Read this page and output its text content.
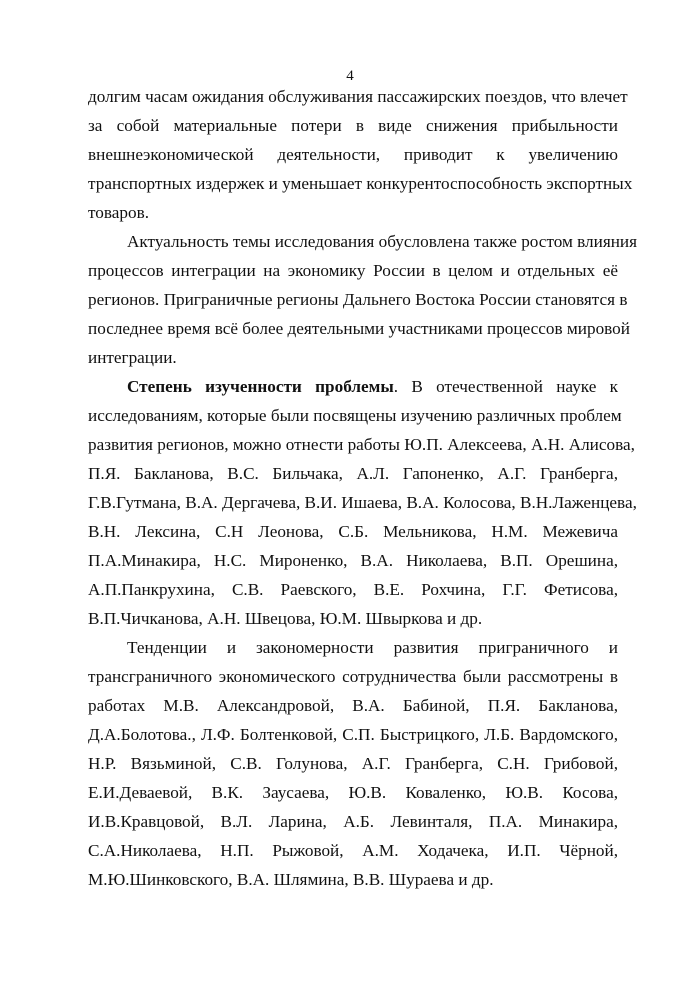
4
долгим часам ожидания обслуживания пассажирских поездов, что влечет
за собой материальные потери в виде снижения прибыльности
внешнеэкономической деятельности, приводит к увеличению
транспортных издержек и уменьшает конкурентоспособность экспортных
товаров.
Актуальность темы исследования обусловлена также ростом влияния
процессов интеграции на экономику России в целом и отдельных её
регионов. Приграничные регионы Дальнего Востока России становятся в
последнее время всё более деятельными участниками процессов мировой
интеграции.
Степень изученности проблемы. В отечественной науке к
исследованиям, которые были посвящены изучению различных проблем
развития регионов, можно отнести работы Ю.П. Алексеева, А.Н. Алисова,
П.Я. Бакланова, В.С. Бильчака, А.Л. Гапоненко, А.Г. Гранберга,
Г.В.Гутмана, В.А. Дергачева, В.И. Ишаева, В.А. Колосова, В.Н.Лаженцева,
В.Н. Лексина, С.Н Леонова, С.Б. Мельникова, Н.М. Межевича
П.А.Минакира, Н.С. Мироненко, В.А. Николаева, В.П. Орешина,
А.П.Панкрухина, С.В. Раевского, В.Е. Рохчина, Г.Г. Фетисова,
В.П.Чичканова, А.Н. Швецова, Ю.М. Швыркова и др.
Тенденции и закономерности развития приграничного и
трансграничного экономического сотрудничества были рассмотрены в
работах М.В. Александровой, В.А. Бабиной, П.Я. Бакланова,
Д.А.Болотова., Л.Ф. Болтенковой, С.П. Быстрицкого, Л.Б. Вардомского,
Н.Р. Вязьминой, С.В. Голунова, А.Г. Гранберга, С.Н. Грибовой,
Е.И.Деваевой, В.К. Заусаева, Ю.В. Коваленко, Ю.В. Косова,
И.В.Кравцовой, В.Л. Ларина, А.Б. Левинталя, П.А. Минакира,
С.А.Николаева, Н.П. Рыжовой, А.М. Ходачека, И.П. Чёрной,
М.Ю.Шинковского, В.А. Шлямина, В.В. Шураева и др.
